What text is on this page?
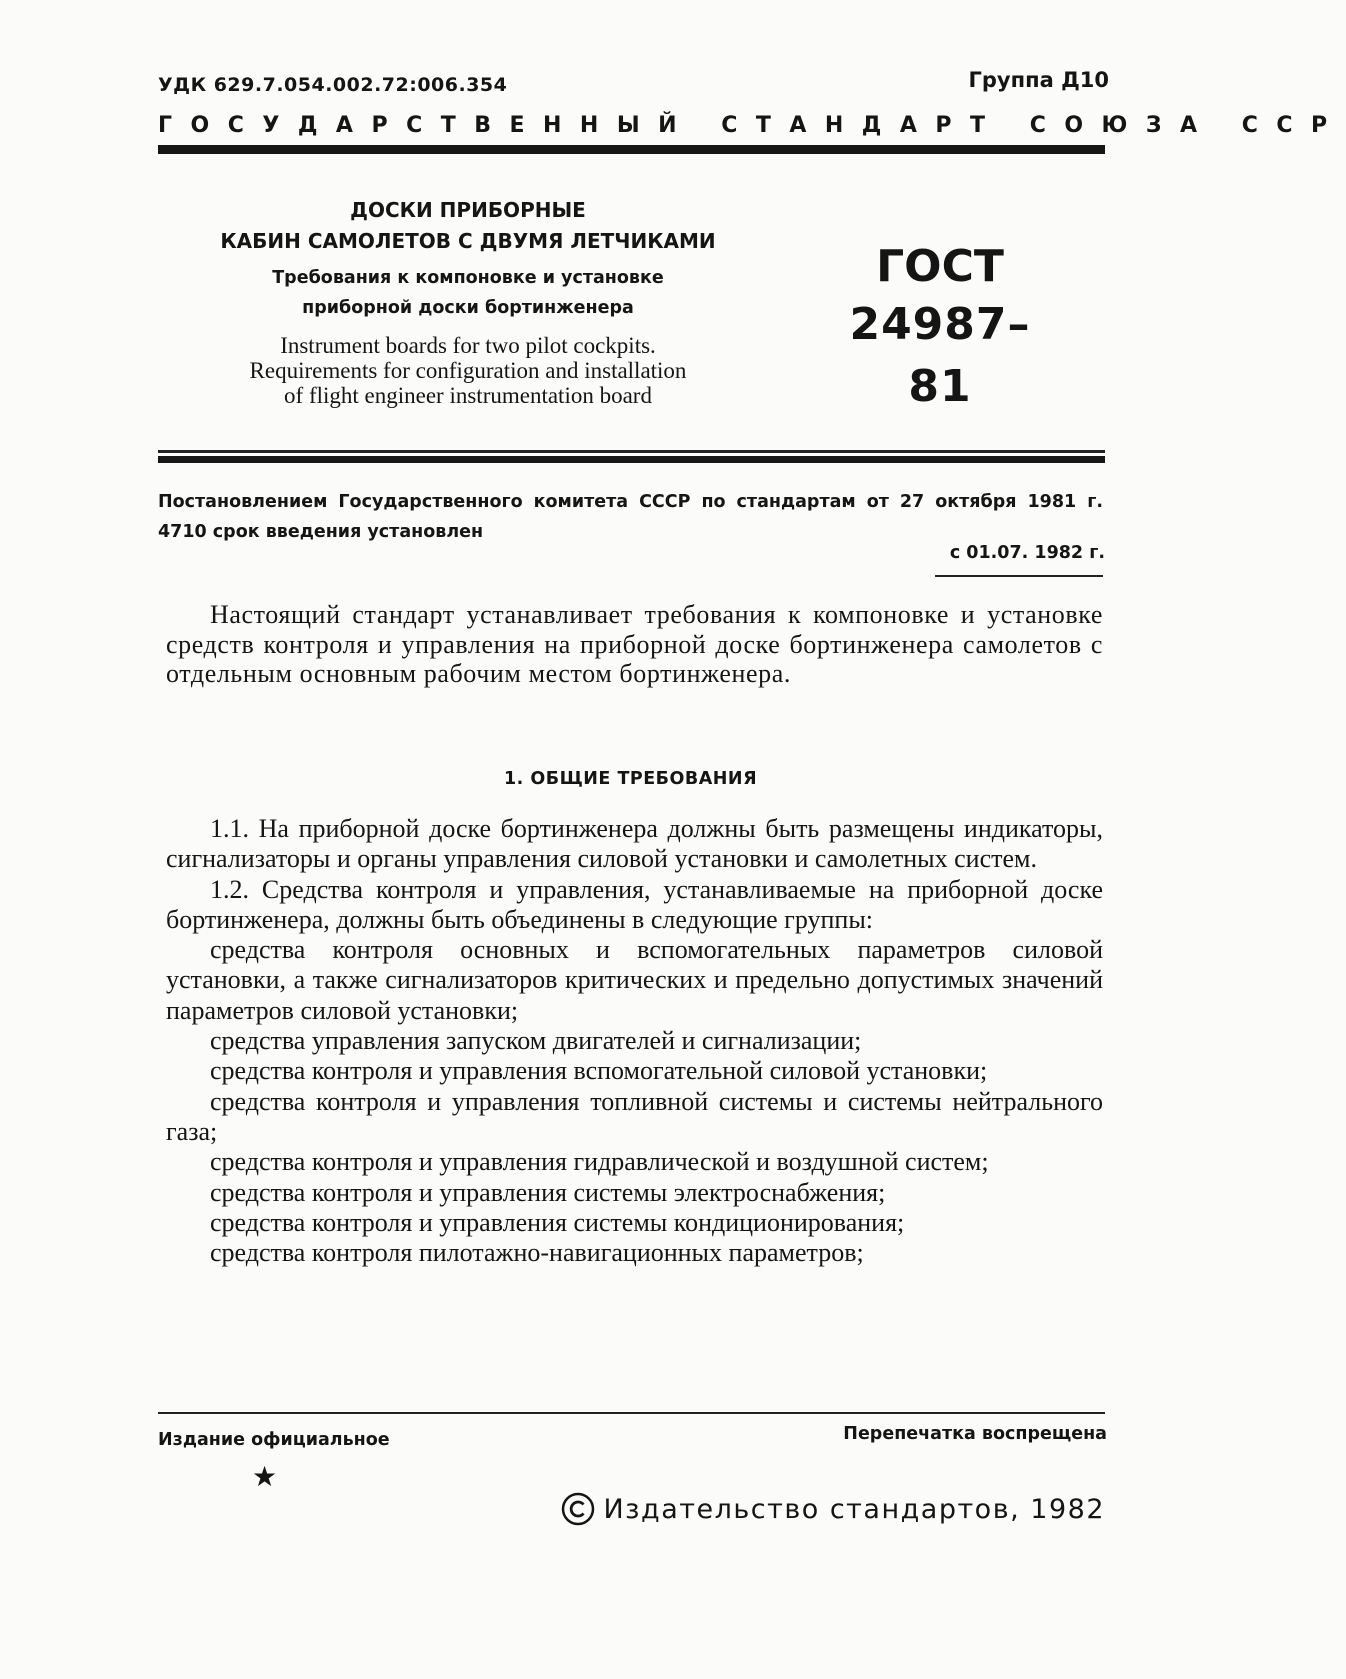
УДК 629.7.054.002.72:006.354	Группа Д10
ГОСУДАРСТВЕННЫЙ СТАНДАРТ СОЮЗА ССР
ДОСКИ ПРИБОРНЫЕ
КАБИН САМОЛЕТОВ С ДВУМЯ ЛЕТЧИКАМИ
Требования к компоновке и установке
приборной доски бортинженера
Instrument boards for two pilot cockpits.
Requirements for configuration and installation
of flight engineer instrumentation board
ГОСТ
24987–81
Постановлением Государственного комитета СССР по стандартам от 27 октября 1981 г. 4710 срок введения установлен
с 01.07. 1982 г.

Настоящий стандарт устанавливает требования к компоновке и установке средств контроля и управления на приборной доске бортинженера самолетов с отдельным основным рабочим местом бортинженера.

1. ОБЩИЕ ТРЕБОВАНИЯ

1.1. На приборной доске бортинженера должны быть размещены индикаторы, сигнализаторы и органы управления силовой установки и самолетных систем.

1.2. Средства контроля и управления, устанавливаемые на приборной доске бортинженера, должны быть объединены в следующие группы:

средства контроля основных и вспомогательных параметров силовой установки, а также сигнализаторов критических и предельно допустимых значений параметров силовой установки;

средства управления запуском двигателей и сигнализации;

средства контроля и управления вспомогательной силовой установки;

средства контроля и управления топливной системы и системы нейтрального газа;

средства контроля и управления гидравлической и воздушной систем;

средства контроля и управления системы электроснабжения;

средства контроля и управления системы кондиционирования;

средства контроля пилотажно-навигационных параметров;

Издание официальное	Перепечатка воспрещена
★
Издательство стандартов, 1982
